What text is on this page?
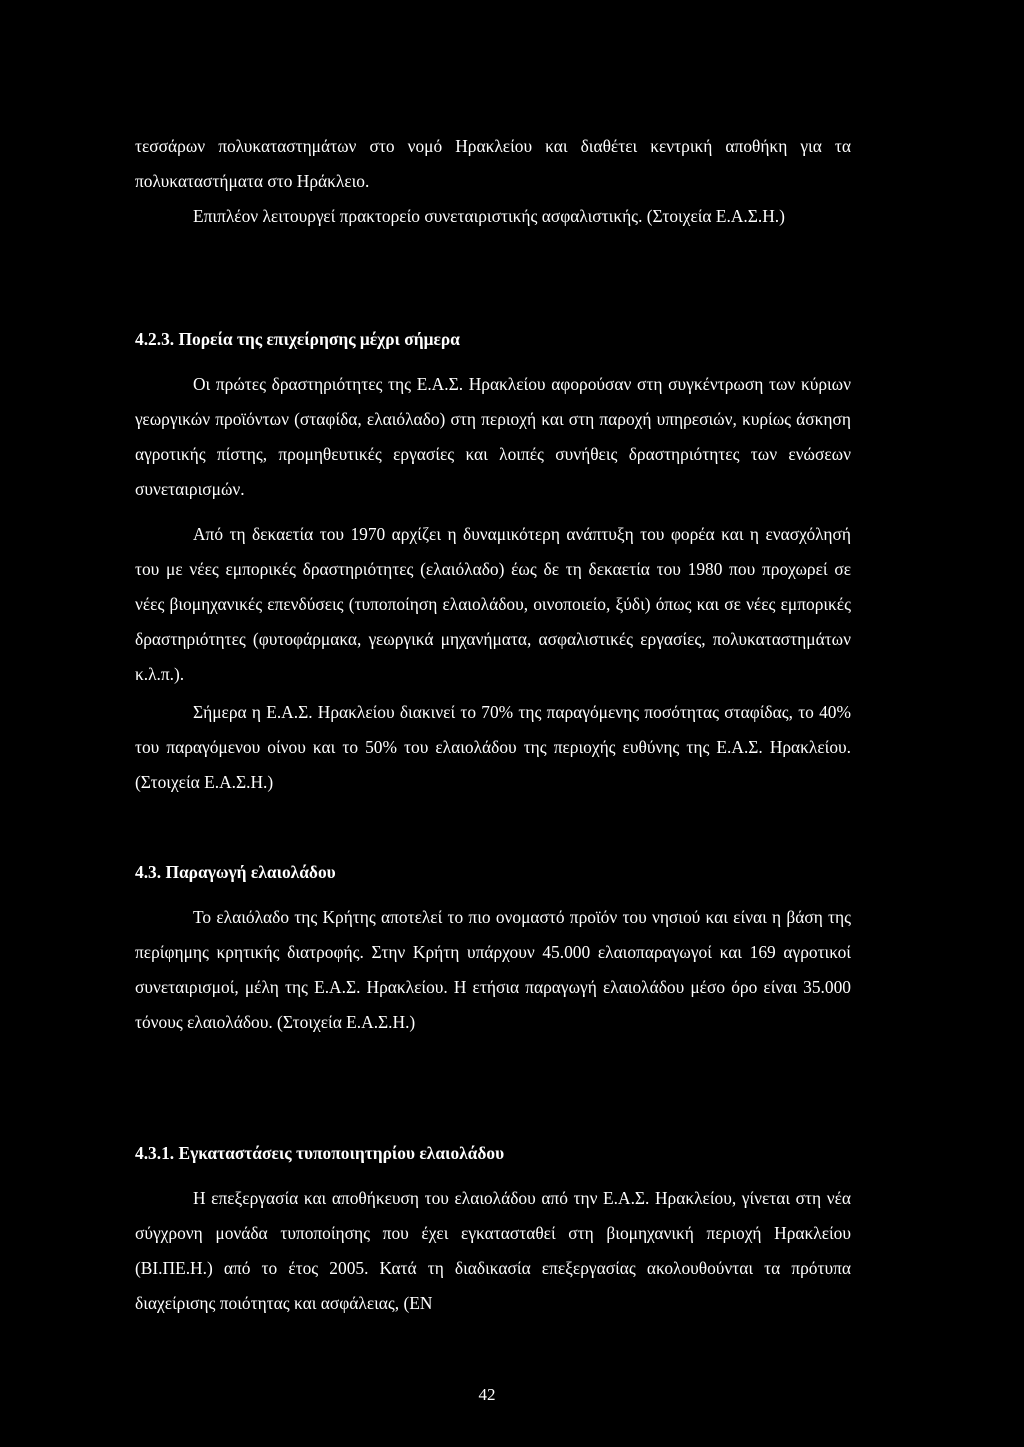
τεσσάρων πολυκαταστημάτων στο νομό Ηρακλείου και διαθέτει κεντρική αποθήκη για τα πολυκαταστήματα στο Ηράκλειο.

Επιπλέον λειτουργεί πρακτορείο συνεταιριστικής ασφαλιστικής. (Στοιχεία Ε.Α.Σ.Η.)

4.2.3. Πορεία της επιχείρησης μέχρι σήμερα

Οι πρώτες δραστηριότητες της Ε.Α.Σ. Ηρακλείου αφορούσαν στη συγκέντρωση των κύριων γεωργικών προϊόντων (σταφίδα, ελαιόλαδο) στη περιοχή και στη παροχή υπηρεσιών, κυρίως άσκηση αγροτικής πίστης, προμηθευτικές εργασίες και λοιπές συνήθεις δραστηριότητες των ενώσεων συνεταιρισμών.

Από τη δεκαετία του 1970 αρχίζει η δυναμικότερη ανάπτυξη του φορέα και η ενασχόλησή του με νέες εμπορικές δραστηριότητες (ελαιόλαδο) έως δε τη δεκαετία του 1980 που προχωρεί σε νέες βιομηχανικές επενδύσεις (τυποποίηση ελαιολάδου, οινοποιείο, ξύδι) όπως και σε νέες εμπορικές δραστηριότητες (φυτοφάρμακα, γεωργικά μηχανήματα, ασφαλιστικές εργασίες, πολυκαταστημάτων κ.λ.π.).

Σήμερα η Ε.Α.Σ. Ηρακλείου διακινεί το 70% της παραγόμενης ποσότητας σταφίδας, το 40% του παραγόμενου οίνου και το 50% του ελαιολάδου της περιοχής ευθύνης της Ε.Α.Σ. Ηρακλείου. (Στοιχεία Ε.Α.Σ.Η.)

4.3. Παραγωγή ελαιολάδου

Το ελαιόλαδο της Κρήτης αποτελεί το πιο ονομαστό προϊόν του νησιού και είναι η βάση της περίφημης κρητικής διατροφής. Στην Κρήτη υπάρχουν 45.000 ελαιοπαραγωγοί και 169 αγροτικοί συνεταιρισμοί, μέλη της Ε.Α.Σ. Ηρακλείου. Η ετήσια παραγωγή ελαιολάδου μέσο όρο είναι 35.000 τόνους ελαιολάδου. (Στοιχεία Ε.Α.Σ.Η.)

4.3.1. Εγκαταστάσεις τυποποιητηρίου ελαιολάδου

Η επεξεργασία και αποθήκευση του ελαιολάδου από την Ε.Α.Σ. Ηρακλείου, γίνεται στη νέα σύγχρονη μονάδα τυποποίησης που έχει εγκατασταθεί στη βιομηχανική περιοχή Ηρακλείου (ΒΙ.ΠΕ.Η.) από το έτος 2005. Κατά τη διαδικασία επεξεργασίας ακολουθούνται τα πρότυπα διαχείρισης ποιότητας και ασφάλειας, (ΕΝ

42
